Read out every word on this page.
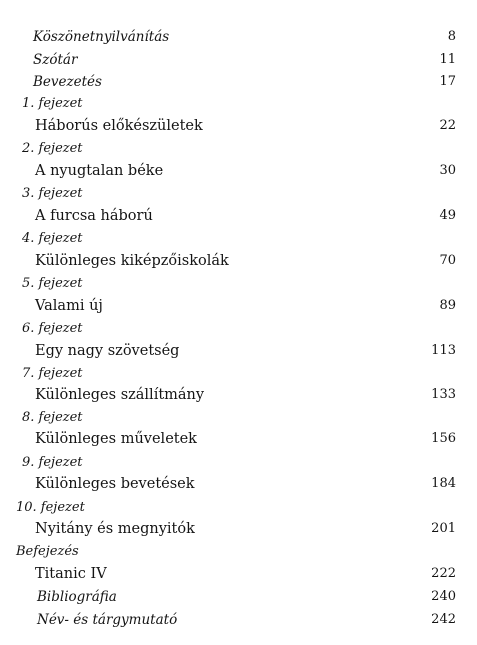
Köszönetnyilvánítás	8
Szótár	11
Bevezetés	17
1. fejezet
Háborús előkészületek	22
2. fejezet
A nyugtalan béke	30
3. fejezet
A furcsa háború	49
4. fejezet
Különleges kiképzőiskolák	70
5. fejezet
Valami új	89
6. fejezet
Egy nagy szövetség	113
7. fejezet
Különleges szállítmány	133
8. fejezet
Különleges műveletek	156
9. fejezet
Különleges bevetések	184
10. fejezet
Nyitány és megnyitók	201
Befejezés
Titanic IV	222
Bibliográfia	240
Név- és tárgymutató	242
